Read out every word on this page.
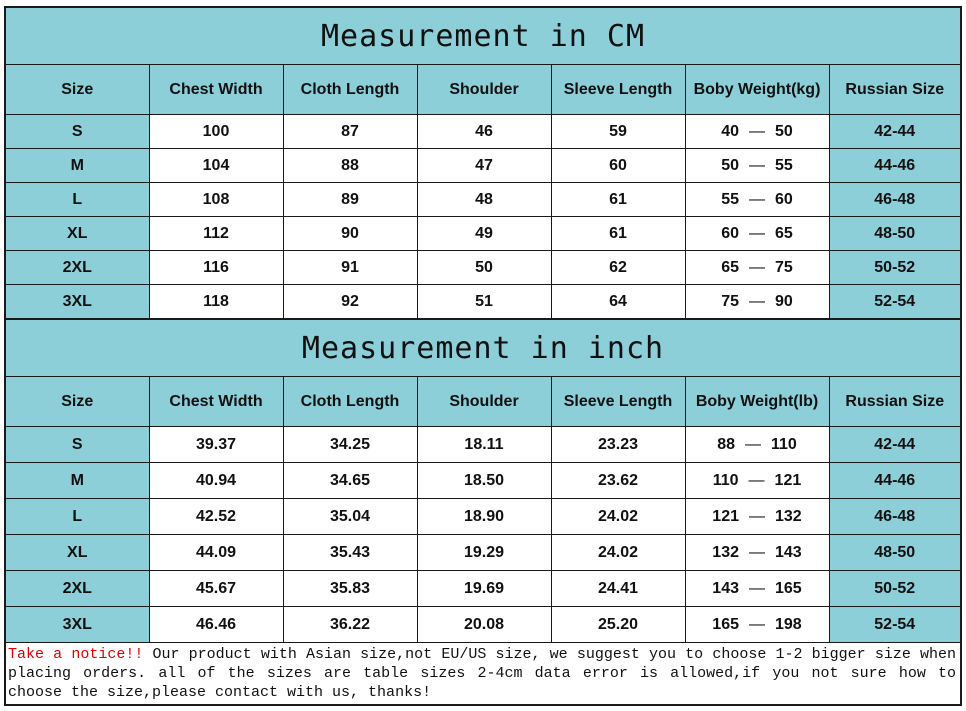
Measurement in CM
Size	Chest Width	Cloth Length	Shoulder	Sleeve Length	Boby Weight(kg)	Russian Size
S	100	87	46	59	40 — 50	42-44
M	104	88	47	60	50 — 55	44-46
L	108	89	48	61	55 — 60	46-48
XL	112	90	49	61	60 — 65	48-50
2XL	116	91	50	62	65 — 75	50-52
3XL	118	92	51	64	75 — 90	52-54
Measurement in inch
Size	Chest Width	Cloth Length	Shoulder	Sleeve Length	Boby Weight(lb)	Russian Size
S	39.37	34.25	18.11	23.23	88 — 110	42-44
M	40.94	34.65	18.50	23.62	110 — 121	44-46
L	42.52	35.04	18.90	24.02	121 — 132	46-48
XL	44.09	35.43	19.29	24.02	132 — 143	48-50
2XL	45.67	35.83	19.69	24.41	143 — 165	50-52
3XL	46.46	36.22	20.08	25.20	165 — 198	52-54
Take a notice!! Our product with Asian size,not EU/US size, we suggest you to choose 1-2 bigger size when placing orders. all of the sizes are table sizes 2-4cm data error is allowed,if you not sure how to choose the size,please contact with us, thanks!
